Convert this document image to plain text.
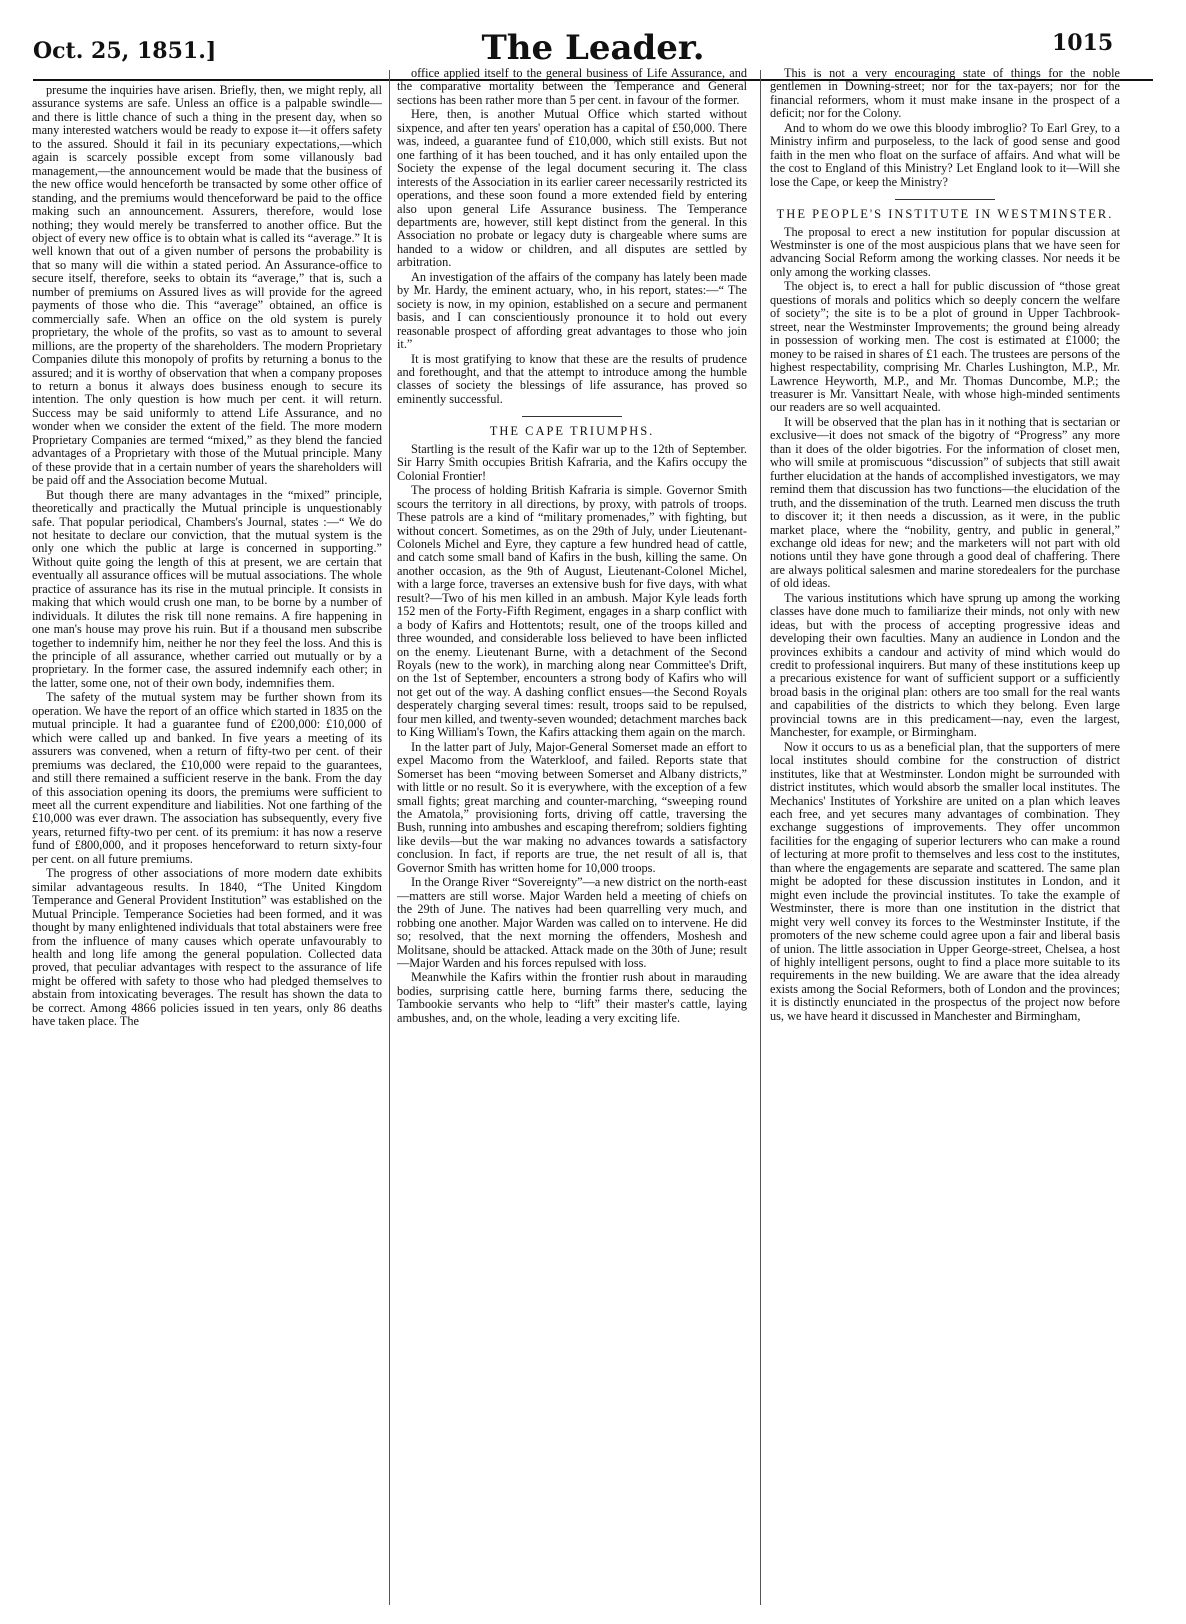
Oct. 25, 1851.]	The Leader.	1015

presume the inquiries have arisen. Briefly, then, we might reply, all assurance systems are safe. Unless an office is a palpable swindle—and there is little chance of such a thing in the present day, when so many interested watchers would be ready to expose it—it offers safety to the assured. Should it fail in its pecuniary expectations,—which again is scarcely possible except from some villanously bad management,—the announcement would be made that the business of the new office would henceforth be transacted by some other office of standing, and the premiums would thenceforward be paid to the office making such an announcement. Assurers, therefore, would lose nothing; they would merely be transferred to another office. But the object of every new office is to obtain what is called its “average.” It is well known that out of a given number of persons the probability is that so many will die within a stated period. An Assurance-office to secure itself, therefore, seeks to obtain its “average,” that is, such a number of premiums on Assured lives as will provide for the agreed payments of those who die. This “average” obtained, an office is commercially safe. When an office on the old system is purely proprietary, the whole of the profits, so vast as to amount to several millions, are the property of the shareholders. The modern Proprietary Companies dilute this monopoly of profits by returning a bonus to the assured; and it is worthy of observation that when a company proposes to return a bonus it always does business enough to secure its intention. The only question is how much per cent. it will return. Success may be said uniformly to attend Life Assurance, and no wonder when we consider the extent of the field. The more modern Proprietary Companies are termed “mixed,” as they blend the fancied advantages of a Proprietary with those of the Mutual principle. Many of these provide that in a certain number of years the shareholders will be paid off and the Association become Mutual.

But though there are many advantages in the “mixed” principle, theoretically and practically the Mutual principle is unquestionably safe. That popular periodical, Chambers's Journal, states :—“ We do not hesitate to declare our conviction, that the mutual system is the only one which the public at large is concerned in supporting.” Without quite going the length of this at present, we are certain that eventually all assurance offices will be mutual associations. The whole practice of assurance has its rise in the mutual principle. It consists in making that which would crush one man, to be borne by a number of individuals. It dilutes the risk till none remains. A fire happening in one man's house may prove his ruin. But if a thousand men subscribe together to indemnify him, neither he nor they feel the loss. And this is the principle of all assurance, whether carried out mutually or by a proprietary. In the former case, the assured indemnify each other; in the latter, some one, not of their own body, indemnifies them.

The safety of the mutual system may be further shown from its operation. We have the report of an office which started in 1835 on the mutual principle. It had a guarantee fund of £200,000: £10,000 of which were called up and banked. In five years a meeting of its assurers was convened, when a return of fifty-two per cent. of their premiums was declared, the £10,000 were repaid to the guarantees, and still there remained a sufficient reserve in the bank. From the day of this association opening its doors, the premiums were sufficient to meet all the current expenditure and liabilities. Not one farthing of the £10,000 was ever drawn. The association has subsequently, every five years, returned fifty-two per cent. of its premium: it has now a reserve fund of £800,000, and it proposes henceforward to return sixty-four per cent. on all future premiums.

The progress of other associations of more modern date exhibits similar advantageous results. In 1840, “The United Kingdom Temperance and General Provident Institution” was established on the Mutual Principle. Temperance Societies had been formed, and it was thought by many enlightened individuals that total abstainers were free from the influence of many causes which operate unfavourably to health and long life among the general population. Collected data proved, that peculiar advantages with respect to the assurance of life might be offered with safety to those who had pledged themselves to abstain from intoxicating beverages. The result has shown the data to be correct. Among 4866 policies issued in ten years, only 86 deaths have taken place. The

office applied itself to the general business of Life Assurance, and the comparative mortality between the Temperance and General sections has been rather more than 5 per cent. in favour of the former.

Here, then, is another Mutual Office which started without sixpence, and after ten years' operation has a capital of £50,000. There was, indeed, a guarantee fund of £10,000, which still exists. But not one farthing of it has been touched, and it has only entailed upon the Society the expense of the legal document securing it. The class interests of the Association in its earlier career necessarily restricted its operations, and these soon found a more extended field by entering also upon general Life Assurance business. The Temperance departments are, however, still kept distinct from the general. In this Association no probate or legacy duty is chargeable where sums are handed to a widow or children, and all disputes are settled by arbitration.

An investigation of the affairs of the company has lately been made by Mr. Hardy, the eminent actuary, who, in his report, states:—“ The society is now, in my opinion, established on a secure and permanent basis, and I can conscientiously pronounce it to hold out every reasonable prospect of affording great advantages to those who join it.”

It is most gratifying to know that these are the results of prudence and forethought, and that the attempt to introduce among the humble classes of society the blessings of life assurance, has proved so eminently successful.

THE CAPE TRIUMPHS.

Startling is the result of the Kafir war up to the 12th of September. Sir Harry Smith occupies British Kafraria, and the Kafirs occupy the Colonial Frontier!

The process of holding British Kafraria is simple. Governor Smith scours the territory in all directions, by proxy, with patrols of troops. These patrols are a kind of “military promenades,” with fighting, but without concert. Sometimes, as on the 29th of July, under Lieutenant-Colonels Michel and Eyre, they capture a few hundred head of cattle, and catch some small band of Kafirs in the bush, killing the same. On another occasion, as the 9th of August, Lieutenant-Colonel Michel, with a large force, traverses an extensive bush for five days, with what result?—Two of his men killed in an ambush. Major Kyle leads forth 152 men of the Forty-Fifth Regiment, engages in a sharp conflict with a body of Kafirs and Hottentots; result, one of the troops killed and three wounded, and considerable loss believed to have been inflicted on the enemy. Lieutenant Burne, with a detachment of the Second Royals (new to the work), in marching along near Committee's Drift, on the 1st of September, encounters a strong body of Kafirs who will not get out of the way. A dashing conflict ensues—the Second Royals desperately charging several times: result, troops said to be repulsed, four men killed, and twenty-seven wounded; detachment marches back to King William's Town, the Kafirs attacking them again on the march.

In the latter part of July, Major-General Somerset made an effort to expel Macomo from the Waterkloof, and failed. Reports state that Somerset has been “moving between Somerset and Albany districts,” with little or no result. So it is everywhere, with the exception of a few small fights; great marching and counter-marching, “sweeping round the Amatola,” provisioning forts, driving off cattle, traversing the Bush, running into ambushes and escaping therefrom; soldiers fighting like devils—but the war making no advances towards a satisfactory conclusion. In fact, if reports are true, the net result of all is, that Governor Smith has written home for 10,000 troops.

In the Orange River “Sovereignty”—a new district on the north-east—matters are still worse. Major Warden held a meeting of chiefs on the 29th of June. The natives had been quarrelling very much, and robbing one another. Major Warden was called on to intervene. He did so; resolved, that the next morning the offenders, Moshesh and Molitsane, should be attacked. Attack made on the 30th of June; result—Major Warden and his forces repulsed with loss.

Meanwhile the Kafirs within the frontier rush about in marauding bodies, surprising cattle here, burning farms there, seducing the Tambookie servants who help to “lift” their master's cattle, laying ambushes, and, on the whole, leading a very exciting life.

This is not a very encouraging state of things for the noble gentlemen in Downing-street; nor for the tax-payers; nor for the financial reformers, whom it must make insane in the prospect of a deficit; nor for the Colony.

And to whom do we owe this bloody imbroglio? To Earl Grey, to a Ministry infirm and purposeless, to the lack of good sense and good faith in the men who float on the surface of affairs. And what will be the cost to England of this Ministry? Let England look to it—Will she lose the Cape, or keep the Ministry?

THE PEOPLE'S INSTITUTE IN WESTMINSTER.

The proposal to erect a new institution for popular discussion at Westminster is one of the most auspicious plans that we have seen for advancing Social Reform among the working classes. Nor needs it be only among the working classes.

The object is, to erect a hall for public discussion of “those great questions of morals and politics which so deeply concern the welfare of society”; the site is to be a plot of ground in Upper Tachbrook-street, near the Westminster Improvements; the ground being already in possession of working men. The cost is estimated at £1000; the money to be raised in shares of £1 each. The trustees are persons of the highest respectability, comprising Mr. Charles Lushington, M.P., Mr. Lawrence Heyworth, M.P., and Mr. Thomas Duncombe, M.P.; the treasurer is Mr. Vansittart Neale, with whose high-minded sentiments our readers are so well acquainted.

It will be observed that the plan has in it nothing that is sectarian or exclusive—it does not smack of the bigotry of “Progress” any more than it does of the older bigotries. For the information of closet men, who will smile at promiscuous “discussion” of subjects that still await further elucidation at the hands of accomplished investigators, we may remind them that discussion has two functions—the elucidation of the truth, and the dissemination of the truth. Learned men discuss the truth to discover it; it then needs a discussion, as it were, in the public market place, where the “nobility, gentry, and public in general,” exchange old ideas for new; and the marketers will not part with old notions until they have gone through a good deal of chaffering. There are always political salesmen and marine storedealers for the purchase of old ideas.

The various institutions which have sprung up among the working classes have done much to familiarize their minds, not only with new ideas, but with the process of accepting progressive ideas and developing their own faculties. Many an audience in London and the provinces exhibits a candour and activity of mind which would do credit to professional inquirers. But many of these institutions keep up a precarious existence for want of sufficient support or a sufficiently broad basis in the original plan: others are too small for the real wants and capabilities of the districts to which they belong. Even large provincial towns are in this predicament—nay, even the largest, Manchester, for example, or Birmingham.

Now it occurs to us as a beneficial plan, that the supporters of mere local institutes should combine for the construction of district institutes, like that at Westminster. London might be surrounded with district institutes, which would absorb the smaller local institutes. The Mechanics' Institutes of Yorkshire are united on a plan which leaves each free, and yet secures many advantages of combination. They exchange suggestions of improvements. They offer uncommon facilities for the engaging of superior lecturers who can make a round of lecturing at more profit to themselves and less cost to the institutes, than where the engagements are separate and scattered. The same plan might be adopted for these discussion institutes in London, and it might even include the provincial institutes. To take the example of Westminster, there is more than one institution in the district that might very well convey its forces to the Westminster Institute, if the promoters of the new scheme could agree upon a fair and liberal basis of union. The little association in Upper George-street, Chelsea, a host of highly intelligent persons, ought to find a place more suitable to its requirements in the new building. We are aware that the idea already exists among the Social Reformers, both of London and the provinces; it is distinctly enunciated in the prospectus of the project now before us, we have heard it discussed in Manchester and Birmingham,
